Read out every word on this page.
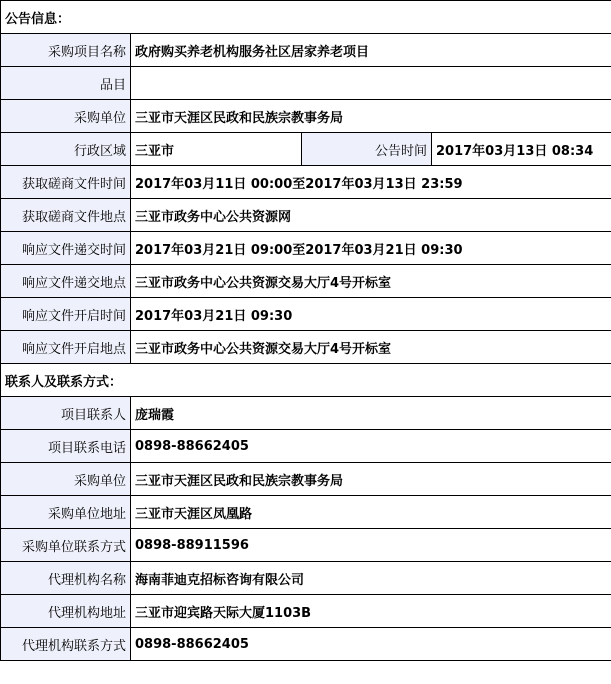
公告信息：			
采购项目名称	政府购买养老机构服务社区居家养老项目		
品目			
采购单位	三亚市天涯区民政和民族宗教事务局		
行政区域	三亚市	公告时间	2017年03月13日 08:34
获取磋商文件时间	2017年03月11日 00:00至2017年03月13日 23:59		
获取磋商文件地点	三亚市政务中心公共资源网		
响应文件递交时间	2017年03月21日 09:00至2017年03月21日 09:30		
响应文件递交地点	三亚市政务中心公共资源交易大厅4号开标室		
响应文件开启时间	2017年03月21日 09:30		
响应文件开启地点	三亚市政务中心公共资源交易大厅4号开标室		
联系人及联系方式：			
项目联系人	庞瑞霞		
项目联系电话	0898-88662405		
采购单位	三亚市天涯区民政和民族宗教事务局		
采购单位地址	三亚市天涯区凤凰路		
采购单位联系方式	0898-88911596		
代理机构名称	海南菲迪克招标咨询有限公司		
代理机构地址	三亚市迎宾路天际大厦1103B		
代理机构联系方式	0898-88662405		
